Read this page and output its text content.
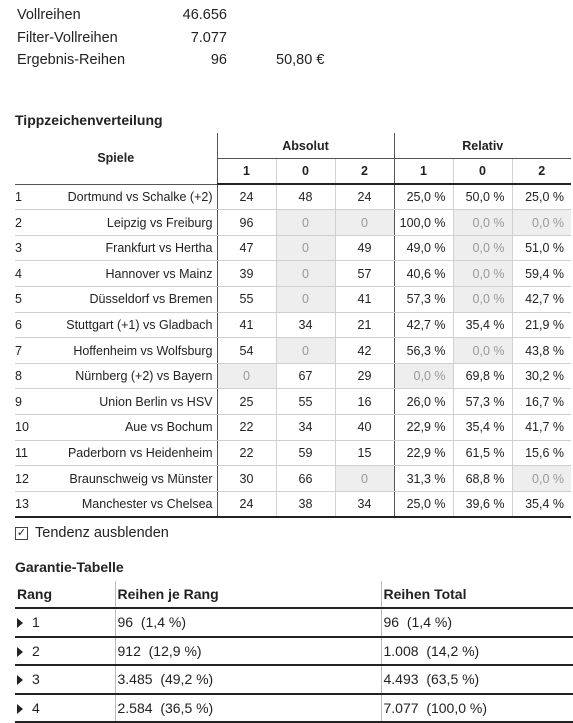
Vollreihen	46.656
Filter-Vollreihen	7.077
Ergebnis-Reihen	96	50,80 €
Tippzeichenverteilung
Spiele		Absolut			Relativ		
		1	0	2	1	0	2
1	Dortmund vs Schalke (+2)	24	48	24	25,0 %	50,0 %	25,0 %
2	Leipzig vs Freiburg	96	0	0	100,0 %	0,0 %	0,0 %
3	Frankfurt vs Hertha	47	0	49	49,0 %	0,0 %	51,0 %
4	Hannover vs Mainz	39	0	57	40,6 %	0,0 %	59,4 %
5	Düsseldorf vs Bremen	55	0	41	57,3 %	0,0 %	42,7 %
6	Stuttgart (+1) vs Gladbach	41	34	21	42,7 %	35,4 %	21,9 %
7	Hoffenheim vs Wolfsburg	54	0	42	56,3 %	0,0 %	43,8 %
8	Nürnberg (+2) vs Bayern	0	67	29	0,0 %	69,8 %	30,2 %
9	Union Berlin vs HSV	25	55	16	26,0 %	57,3 %	16,7 %
10	Aue vs Bochum	22	34	40	22,9 %	35,4 %	41,7 %
11	Paderborn vs Heidenheim	22	59	15	22,9 %	61,5 %	15,6 %
12	Braunschweig vs Münster	30	66	0	31,3 %	68,8 %	0,0 %
13	Manchester vs Chelsea	24	38	34	25,0 %	39,6 %	35,4 %
✓ Tendenz ausblenden
Garantie-Tabelle
Rang	Reihen je Rang	Reihen Total
1	96  (1,4 %)	96  (1,4 %)
2	912  (12,9 %)	1.008  (14,2 %)
3	3.485  (49,2 %)	4.493  (63,5 %)
4	2.584  (36,5 %)	7.077  (100,0 %)
